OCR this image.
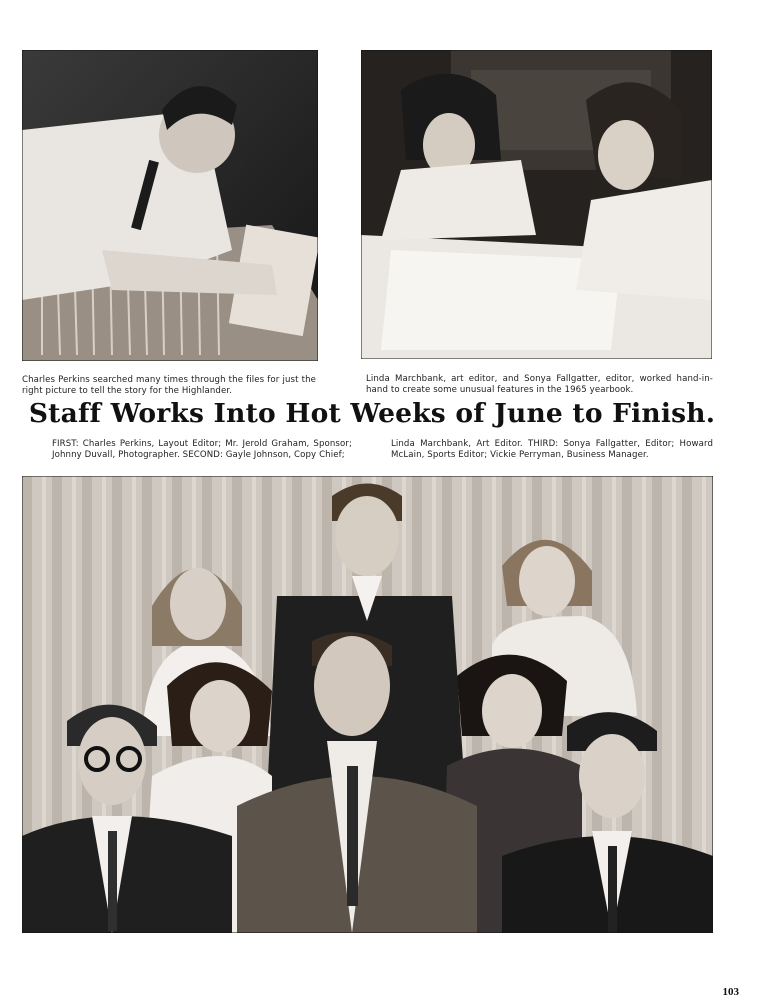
Charles Perkins searched many times through the files for just the right picture to tell the story for the Highlander.
Linda Marchbank, art editor, and Sonya Fallgatter, editor, worked hand-in-hand to create some unusual features in the 1965 yearbook.
Staff Works Into Hot Weeks of June to Finish.
FIRST: Charles Perkins, Layout Editor; Mr. Jerold Graham, Sponsor; Johnny Duvall, Photographer. SECOND: Gayle Johnson, Copy Chief;
Linda Marchbank, Art Editor. THIRD: Sonya Fallgatter, Editor; Howard McLain, Sports Editor; Vickie Perryman, Business Manager.
103
